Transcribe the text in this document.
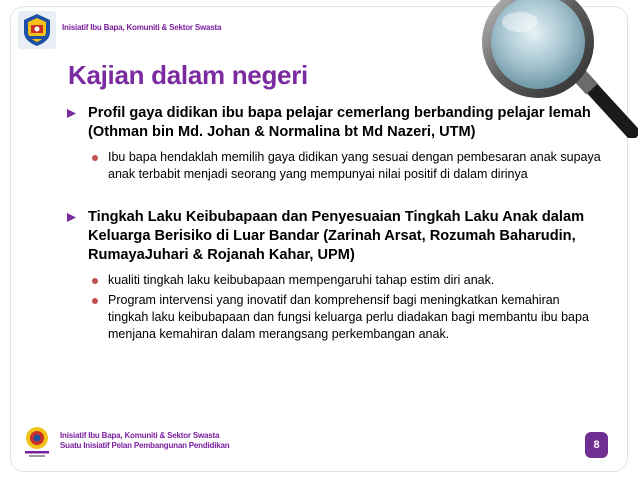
Inisiatif Ibu Bapa, Komuniti & Sektor Swasta
Kajian dalam negeri
Profil gaya didikan ibu bapa pelajar cemerlang berbanding pelajar lemah (Othman bin Md. Johan & Normalina bt Md Nazeri, UTM)
Ibu bapa hendaklah memilih gaya didikan yang sesuai dengan pembesaran anak supaya anak terbabit menjadi seorang yang mempunyai nilai positif di dalam dirinya
Tingkah Laku Keibubapaan dan Penyesuaian Tingkah Laku Anak dalam Keluarga Berisiko di Luar Bandar (Zarinah Arsat, Rozumah Baharudin, RumayaJuhari & Rojanah Kahar, UPM)
kualiti tingkah laku keibubapaan mempengaruhi tahap estim diri anak.
Program intervensi yang inovatif dan komprehensif bagi meningkatkan kemahiran tingkah laku keibubapaan dan fungsi keluarga perlu diadakan bagi membantu ibu bapa menjana kemahiran dalam merangsang perkembangan anak.
Inisiatif Ibu Bapa, Komuniti & Sektor Swasta
Suatu Inisiatif Pelan Pembangunan Pendidikan	8
